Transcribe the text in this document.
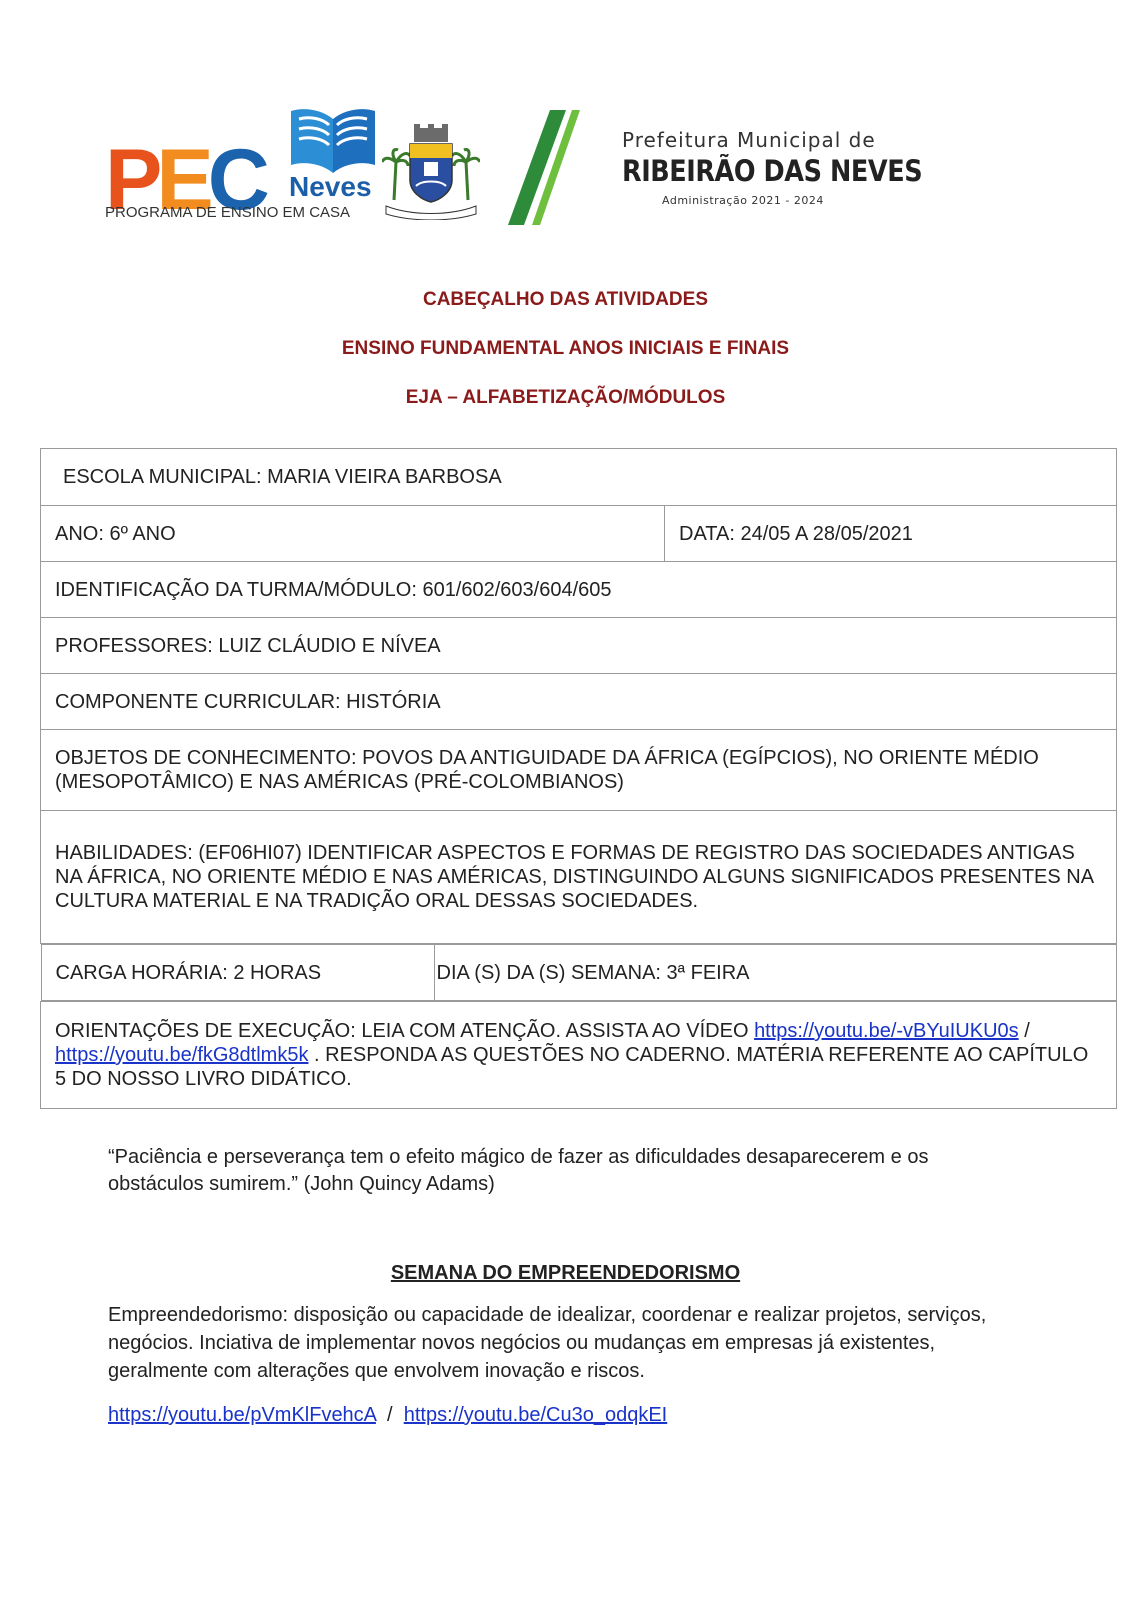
PEC Neves
PROGRAMA DE ENSINO EM CASA
Prefeitura Municipal de
RIBEIRÃO DAS NEVES
Administração 2021 - 2024
CABEÇALHO DAS ATIVIDADES
ENSINO FUNDAMENTAL ANOS INICIAIS E FINAIS
EJA – ALFABETIZAÇÃO/MÓDULOS
ESCOLA MUNICIPAL: MARIA VIEIRA BARBOSA
ANO: 6º ANO	DATA: 24/05 A 28/05/2021
IDENTIFICAÇÃO DA TURMA/MÓDULO: 601/602/603/604/605
PROFESSORES: LUIZ CLÁUDIO E NÍVEA
COMPONENTE CURRICULAR: HISTÓRIA
OBJETOS DE CONHECIMENTO: POVOS DA ANTIGUIDADE DA ÁFRICA (EGÍPCIOS), NO ORIENTE MÉDIO (MESOPOTÂMICO) E NAS AMÉRICAS (PRÉ-COLOMBIANOS)
HABILIDADES: (EF06HI07) IDENTIFICAR ASPECTOS E FORMAS DE REGISTRO DAS SOCIEDADES ANTIGAS NA ÁFRICA, NO ORIENTE MÉDIO E NAS AMÉRICAS, DISTINGUINDO ALGUNS SIGNIFICADOS PRESENTES NA CULTURA MATERIAL E NA TRADIÇÃO ORAL DESSAS SOCIEDADES.

CARGA HORÁRIA: 2 HORAS	DIA (S) DA (S) SEMANA: 3ª FEIRA

ORIENTAÇÕES DE EXECUÇÃO: LEIA COM ATENÇÃO. ASSISTA AO VÍDEO https://youtu.be/-vBYuIUKU0s / https://youtu.be/fkG8dtlmk5k . RESPONDA AS QUESTÕES NO CADERNO. MATÉRIA REFERENTE AO CAPÍTULO 5 DO NOSSO LIVRO DIDÁTICO.
“Paciência e perseverança tem o efeito mágico de fazer as dificuldades desaparecerem e os obstáculos sumirem.” (John Quincy Adams)
SEMANA DO EMPREENDEDORISMO
Empreendedorismo: disposição ou capacidade de idealizar, coordenar e realizar projetos, serviços, negócios. Inciativa de implementar novos negócios ou mudanças em empresas já existentes, geralmente com alterações que envolvem inovação e riscos.
https://youtu.be/pVmKlFvehcA  /  https://youtu.be/Cu3o_odqkEI
